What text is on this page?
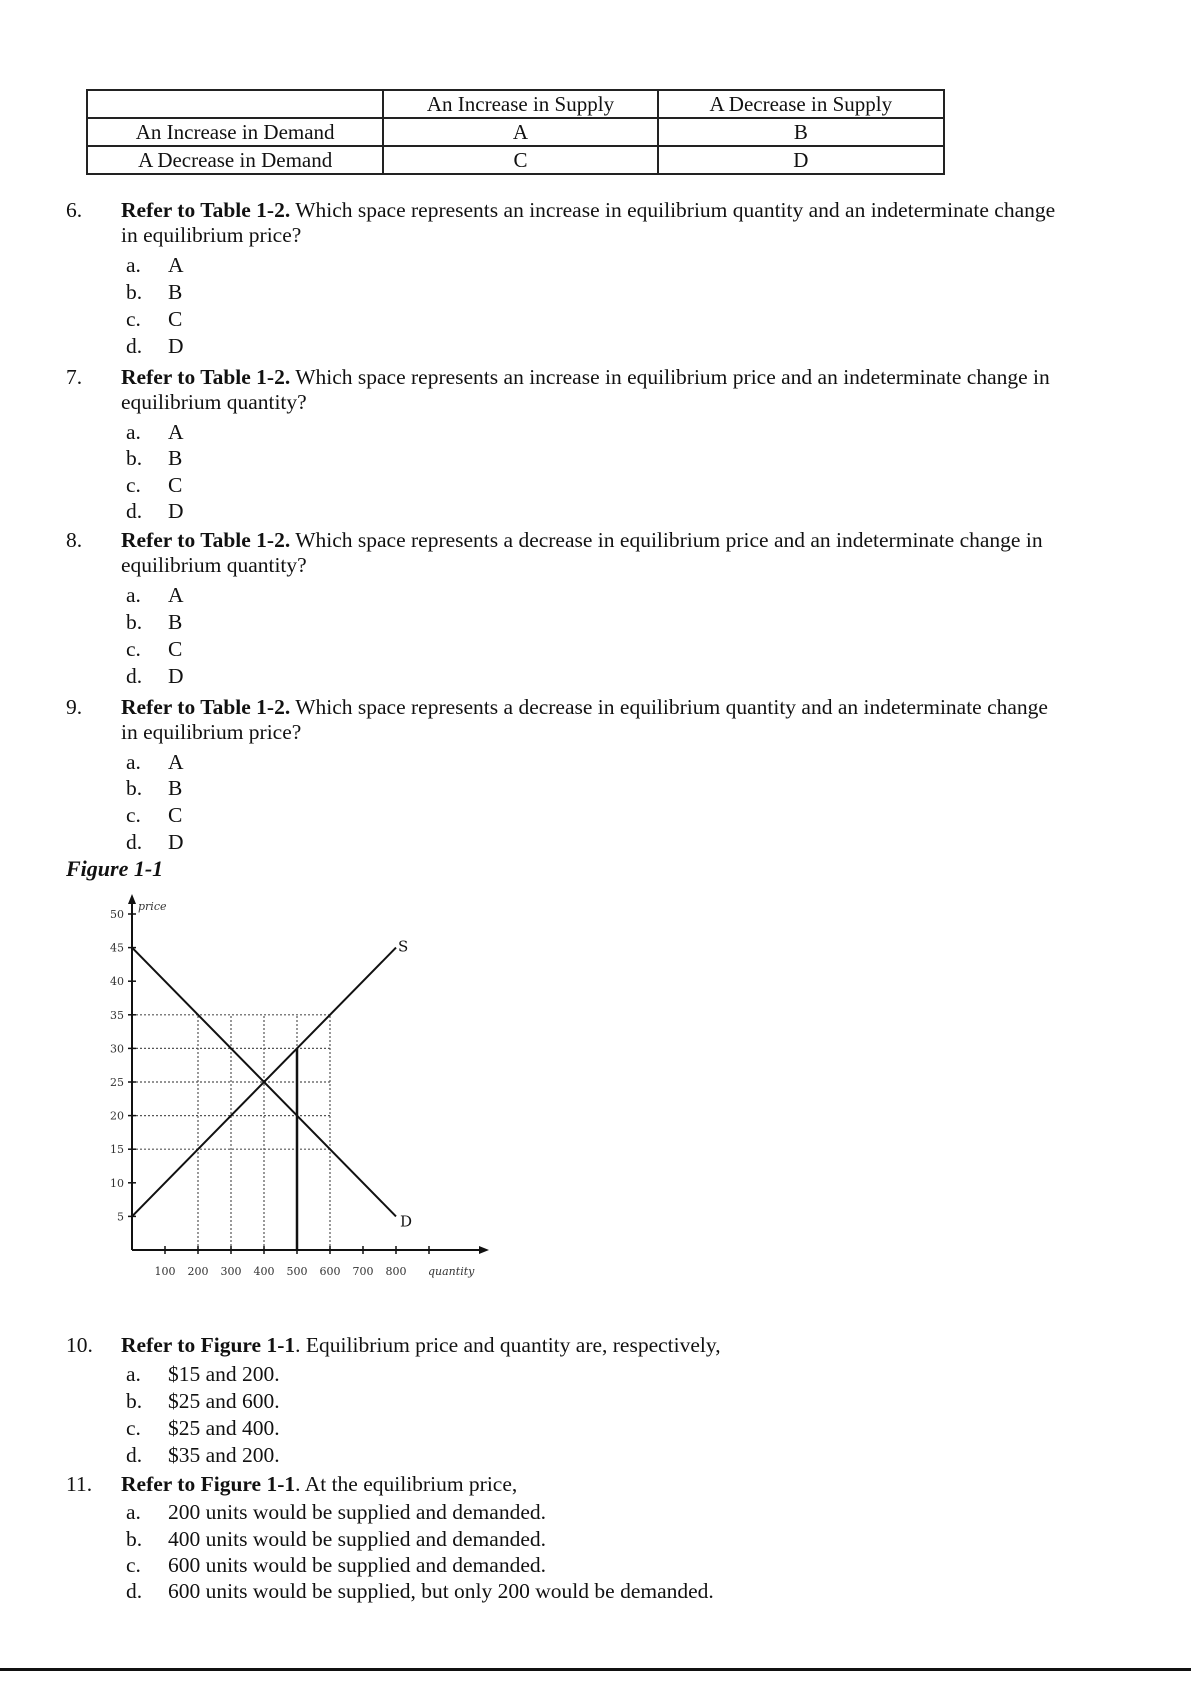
	An Increase in Supply	A Decrease in Supply
An Increase in Demand	A	B
A Decrease in Demand	C	D
6. Refer to Table 1-2. Which space represents an increase in equilibrium quantity and an indeterminate change
in equilibrium price?
a. A
b. B
c. C
d. D
7. Refer to Table 1-2. Which space represents an increase in equilibrium price and an indeterminate change in
equilibrium quantity?
a. A
b. B
c. C
d. D
8. Refer to Table 1-2. Which space represents a decrease in equilibrium price and an indeterminate change in
equilibrium quantity?
a. A
b. B
c. C
d. D
9. Refer to Table 1-2. Which space represents a decrease in equilibrium quantity and an indeterminate change
in equilibrium price?
a. A
b. B
c. C
d. D
Figure 1-1
5
10
15
20
25
30
35
40
45
50
100 200 300 400 500 600 700 800
price
quantity
S
D
10. Refer to Figure 1-1. Equilibrium price and quantity are, respectively,
a. $15 and 200.
b. $25 and 600.
c. $25 and 400.
d. $35 and 200.
11. Refer to Figure 1-1. At the equilibrium price,
a. 200 units would be supplied and demanded.
b. 400 units would be supplied and demanded.
c. 600 units would be supplied and demanded.
d. 600 units would be supplied, but only 200 would be demanded.
